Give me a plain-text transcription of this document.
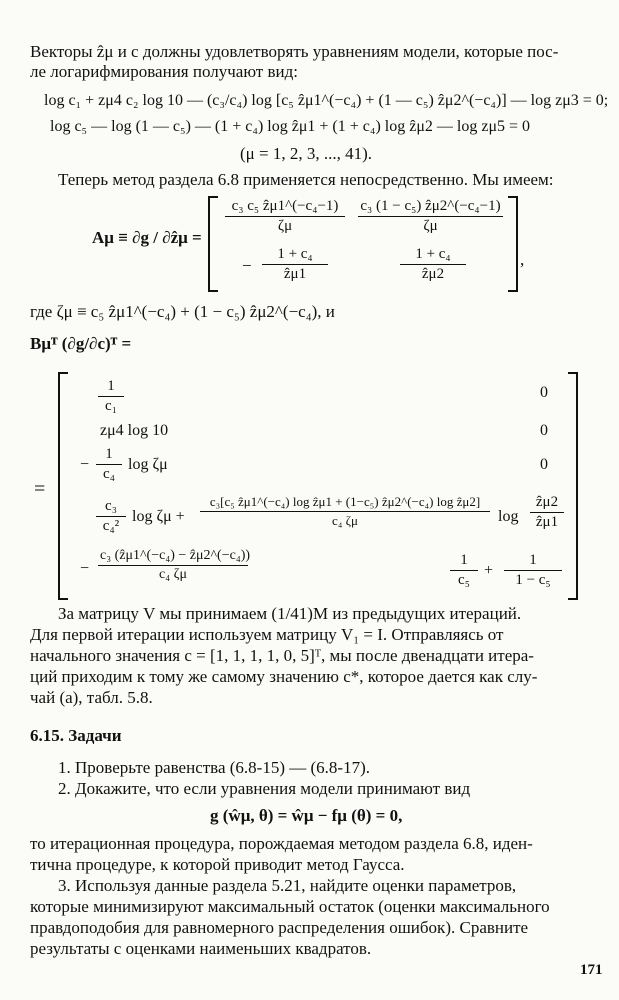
Векторы ẑμ и c должны удовлетворять уравнениям модели, которые пос-
ле логарифмирования получают вид:
log c₁ + zμ4 c₂ log 10 — (c₃/c₄) log [c₅ ẑμ1^(−c₄) + (1 — c₅) ẑμ2^(−c₄)] — log zμ3 = 0;
log c₅ — log (1 — c₅) — (1 + c₄) log ẑμ1 + (1 + c₄) log ẑμ2 — log zμ5 = 0
(μ = 1, 2, 3, ..., 41).
Теперь метод раздела 6.8 применяется непосредственно. Мы имеем:
Aμ ≡ ∂g / ∂ẑμ =
$\frac{\text{c₃ c₅ ẑμ1\textasciicircum{}(−c₄−1)}}{\zeta\mu} \frac{\text{c₃ (1 − c₅) ẑμ2\textasciicircum{}(−c₄−1)}}{\zeta\mu}$
− $\frac{\text{1 + c₄}}{\text{ẑμ1}}$	$\frac{\text{1 + c₄}}{\text{ẑμ2}}$	,
где ζμ ≡ c₅ ẑμ1^(−c₄) + (1 − c₅) ẑμ2^(−c₄), и
Bμᵀ (∂g/∂c)ᵀ =
=
$\frac{1}{\text{c₁}}$	0
zμ4 log 10	0
− $\frac{1}{\text{c₄}}$ log ζμ	0
$\frac{\text{c₃}}{\text{c₄²}}$ $\log \zeta\mu + \frac{\text{c₃[c₅ ẑμ1\textasciicircum{}(−c₄) log ẑμ1 + (1−c₅) ẑμ2\textasciicircum{}(−c₄) log ẑμ2]}}{\text{c₄ ζμ}}$ $\log \frac{\text{ẑμ2}}{\text{ẑμ1}}$
− $\frac{\text{c₃ (ẑμ1\textasciicircum{}(−c₄) − ẑμ2\textasciicircum{}(−c₄))}}{\text{c₄ ζμ}}$	$\frac{1}{\text{c₅}} + \frac{1}{\text{1 − c₅}}$
За матрицу V мы принимаем (1/41)M из предыдущих итераций.
Для первой итерации используем матрицу V₁ = I. Отправляясь от
начального значения c = [1, 1, 1, 1, 0, 5]ᵀ, мы после двенадцати итера-
ций приходим к тому же самому значению c*, которое дается как слу-
чай (а), табл. 5.8.
6.15. Задачи
1. Проверьте равенства (6.8-15) — (6.8-17).
2. Докажите, что если уравнения модели принимают вид
g (ŵμ, θ) = ŵμ − fμ (θ) = 0,
то итерационная процедура, порождаемая методом раздела 6.8, иден-
тична процедуре, к которой приводит метод Гаусса.
3. Используя данные раздела 5.21, найдите оценки параметров,
которые минимизируют максимальный остаток (оценки максимального
правдоподобия для равномерного распределения ошибок). Сравните
результаты с оценками наименьших квадратов.
171
